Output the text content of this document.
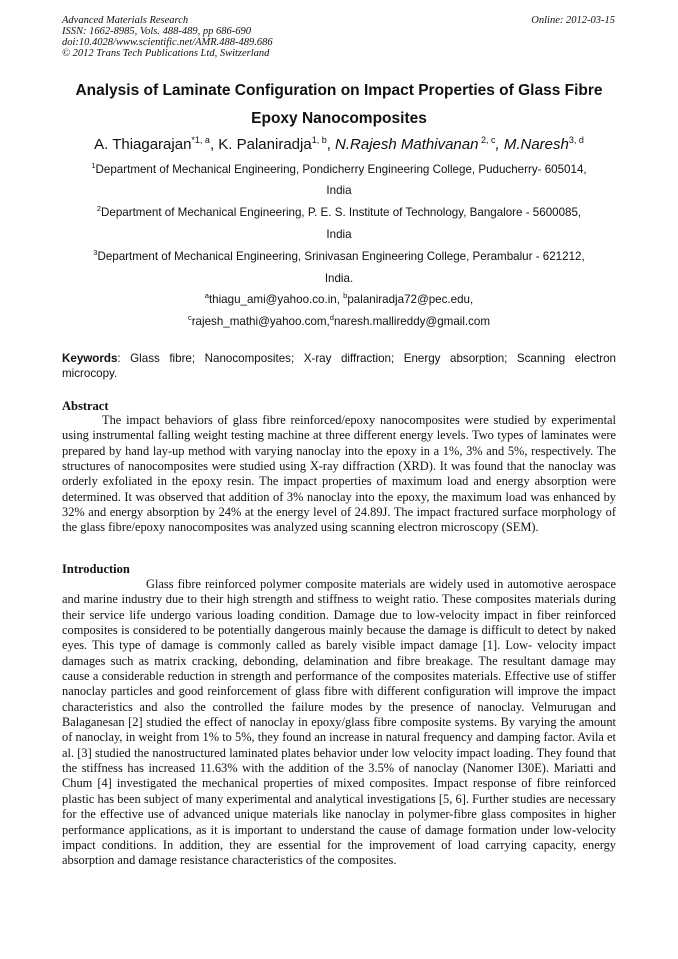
Advanced Materials Research
ISSN: 1662-8985, Vols. 488-489, pp 686-690
doi:10.4028/www.scientific.net/AMR.488-489.686
© 2012 Trans Tech Publications Ltd, Switzerland
Online: 2012-03-15
Analysis of Laminate Configuration on Impact Properties of Glass Fibre
Epoxy Nanocomposites
A. Thiagarajan$^{*1, a}$, K. Palaniradja$^{1, b}$, N.Rajesh Mathivanan $^{2, c}$, M.Naresh$^{3, d}$
$^1$Department of Mechanical Engineering, Pondicherry Engineering College, Puducherry- 605014,
India
$^2$Department of Mechanical Engineering, P. E. S. Institute of Technology, Bangalore - 5600085,
India
$^3$Department of Mechanical Engineering, Srinivasan Engineering College, Perambalur - 621212,
India.
$^a$thiagu_ami@yahoo.co.in, $^b$palaniradja72@pec.edu,
$^c$rajesh_mathi@yahoo.com,$^d$naresh.mallireddy@gmail.com
Keywords: Glass fibre; Nanocomposites; X-ray diffraction; Energy absorption; Scanning electron microcopy.
Abstract
The impact behaviors of glass fibre reinforced/epoxy nanocomposites were studied by experimental using instrumental falling weight testing machine at three different energy levels. Two types of laminates were prepared by hand lay-up method with varying nanoclay into the epoxy in a 1%, 3% and 5%, respectively. The structures of nanocomposites were studied using X-ray diffraction (XRD). It was found that the nanoclay was orderly exfoliated in the epoxy resin. The impact properties of maximum load and energy absorption were determined. It was observed that addition of 3% nanoclay into the epoxy, the maximum load was enhanced by 32% and energy absorption by 24% at the energy level of 24.89J. The impact fractured surface morphology of the glass fibre/epoxy nanocomposites was analyzed using scanning electron microscopy (SEM).
Introduction
Glass fibre reinforced polymer composite materials are widely used in automotive aerospace and marine industry due to their high strength and stiffness to weight ratio. These composites materials during their service life undergo various loading condition. Damage due to low-velocity impact in fiber reinforced composites is considered to be potentially dangerous mainly because the damage is difficult to detect by naked eyes. This type of damage is commonly called as barely visible impact damage [1]. Low- velocity impact damages such as matrix cracking, debonding, delamination and fibre breakage. The resultant damage may cause a considerable reduction in strength and performance of the composites materials. Effective use of stiffer nanoclay particles and good reinforcement of glass fibre with different configuration will improve the impact characteristics and also the controlled the failure modes by the presence of nanoclay. Velmurugan and Balaganesan [2] studied the effect of nanoclay in epoxy/glass fibre composite systems. By varying the amount of nanoclay, in weight from 1% to 5%, they found an increase in natural frequency and damping factor. Avila et al. [3] studied the nanostructured laminated plates behavior under low velocity impact loading. They found that the stiffness has increased 11.63% with the addition of the 3.5% of nanoclay (Nanomer I30E). Mariatti and Chum [4] investigated the mechanical properties of mixed composites. Impact response of fibre reinforced plastic has been subject of many experimental and analytical investigations [5, 6]. Further studies are necessary for the effective use of advanced unique materials like nanoclay in polymer-fibre glass composites in higher performance applications, as it is important to understand the cause of damage formation under low-velocity impact conditions. In addition, they are essential for the improvement of load carrying capacity, energy absorption and damage resistance characteristics of the composites.
